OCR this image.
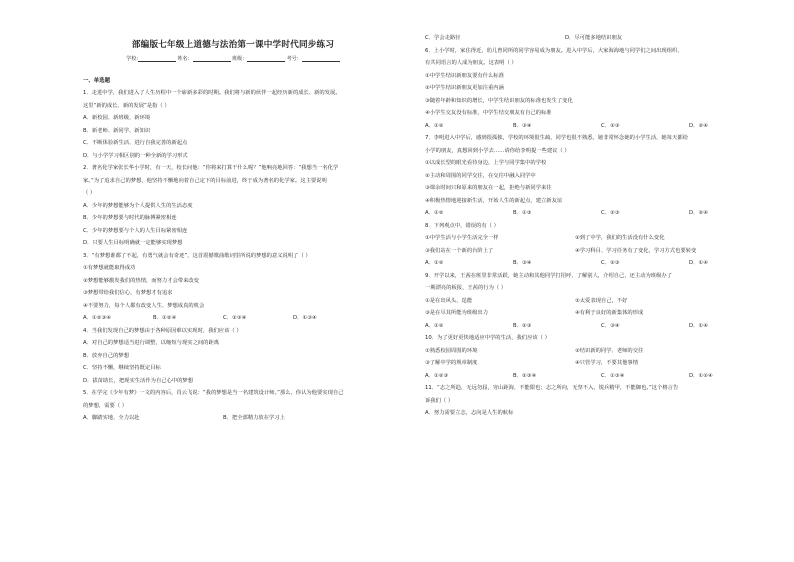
部编版七年级上道德与法治第一课中学时代同步练习
学校:	姓名：	班级：	考号：
一、单选题
1．走进中学，我们进入了人生历程中一个崭新多彩的时期。我们将与新的伙伴一起经历新的成长、新的发展。
这里“新的成长、新的发展”是指（ ）
A．新校园、新班级、新环境
B．新老师、新同学、新知识
C．不断体验新生活、进行自我完善的新起点
D．与小学学习相区别的一种全新的学习形式
2．著名化学家张长华小学时，有一天，校长问他：“你将来打算干什么呢？”他响亮地回答：“我想当一名化学
家。”为了追求自己的梦想，他坚持不懈地向着自己定下的目标前进，终于成为著名的化学家。这主要说明
（ ）
A．少年的梦想能够为个人提供人生的生活态度
B．少年的梦想要与时代的脉搏紧密相连
C．少年的梦想要与个人的人生目标紧密相连
D．只要人生目标明确就一定能够实现梦想
3．“有梦想谁都了不起，有勇气就会有奇迹”，这首震撼歌曲歌词里所说的梦想的意义说明了（ ）
①有梦想就能取得成功
②梦想能够激发我们的热情，而努力才会带来改变
③梦想带给我们信心，有梦想才有追求
④不要努力，每个人都有改变人生、梦想成真的机会
A．①②③④	B．①②④	C．②③④	D．①③④
4．当我们发现自己的梦想由于各种原因难以实现时，我们应该（ ）
A．对自己的梦想适当进行调整，以缩短与现实之间的距离
B．放弃自己的梦想
C．坚持不懈，继续坚持既定目标
D．拔苗助长，把现实生活作为自己心中的梦想
5．在学完《少年有梦》一文的内容后，肖云飞说：“我的梦想是当一名建筑设计师。”那么，你认为他要实现自己
的梦想，需要（ ）
A．脚踏实地、全力以赴	B．把全部精力放在学习上
C．学会走路径	D．尽可能多地结识朋友
6．上小学时，家住得近，幼儿曾同所的同学容易成为朋友。进入中学后，大家海海地与同学们之间出现组织、
有共同语言的人成为朋友。这表明（ ）
①中学生结识新朋友要有什么标准
②中学生结识新朋友更加注重内涵
③随着年龄和知识的增长，中学生结识朋友的标准也发生了变化
④小学生交友没有标准，中学生结交朋友有自己的标准
A．①②	B．③④	C．②③	D．②④
7．李明进入中学后，感到很孤独，学校的环境很生疏，同学也很不熟悉，她非常怀念她的小学生活，她每天都给
小学的朋友，真想回到小学去……请你给李明提一些建议（ ）
①以成长型的眼光看待身边，上学与同学集中的学校
②主动和周围的同学交往，在交往中融入同学中
③课余时间只和原来的朋友在一起，拒绝与新同学来往
④积极热情地迎接新生活，开始人生的新起点，建立新友谊
A．①②	B．①③	C．②③	D．②④
8．下列观点中，错误的有（ ）
①中学生活与小学生活完全一样	②到了中学，我们的生活没有什么变化
③我们站在一个新的台阶上了	④学习科目、学习任务有了变化，学习方式也要转变
A．①②	B．③④	C．②③	D．①④
9．开学以来，王茜在班里非常活跃，她主动和其他同学打招呼，了解别人，介绍自己，还主动为班级办了
一期漂亮的板报，王茜的行为（ ）
①是在出风头，逞能	②太爱表现自己，不好
③是在尽其所能为班级出力	④有利于良好的新集体的形成
A．①②	B．②③	C．③④	D．①④
10．为了更好更快地适应中学的生活，我们应该（ ）
①熟悉校园周围的环境	②结识新的同学、老师的交往
③了解中学的规章制度	④只管学习，不要其他事情
A．①②③	B．②③④	C．①③④	D．①②④
11．“志之所趋，无远勿届，穷山距海，不能限也；志之所向，无坚不入，锐兵精甲，不能御也。”这个格言告
诉我们（ ）
A．努力需要立志，志向是人生的航标
